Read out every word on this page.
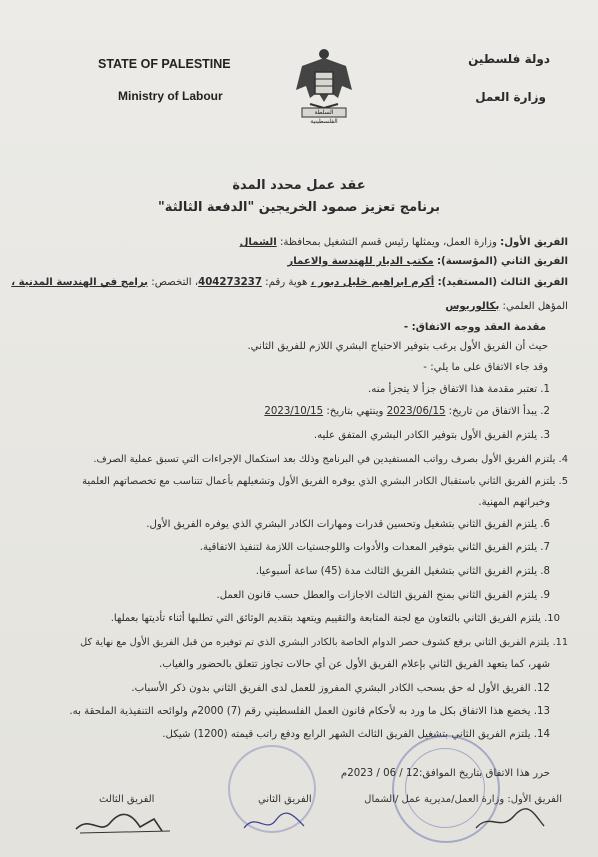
STATE OF PALESTINE
Ministry of Labour
دولة فلسطين
وزارة العمل
السلطة الفلسطينية
عقد عمل محدد المدة
برنامج تعزيز صمود الخريجين "الدفعة الثالثة"
الفريق الأول: وزارة العمل، ويمثلها رئيس قسم التشغيل بمحافظة: الشمال
الفريق الثاني (المؤسسة): مكتب الديار للهندسة والاعمار
الفريق الثالث (المستفيد): أكرم ابراهيم خليل دبور ، هوية رقم: 404273237، التخصص: برامج في الهندسة المدنية ،
المؤهل العلمي: بكالوريوس
مقدمة العقد ووجه الاتفاق: -
حيث أن الفريق الأول يرغب بتوفير الاحتياج البشري اللازم للفريق الثاني.
وقد جاء الاتفاق على ما يلي: -
1. تعتبر مقدمة هذا الاتفاق جزأ لا يتجزأ منه.
2. يبدأ الاتفاق من تاريخ: 2023/06/15 وينتهي بتاريخ: 2023/10/15
3. يلتزم الفريق الأول بتوفير الكادر البشري المتفق عليه.
4. يلتزم الفريق الأول بصرف رواتب المستفيدين في البرنامج وذلك بعد استكمال الإجراءات التي تسبق عملية الصرف.
5. يلتزم الفريق الثاني باستقبال الكادر البشري الذي يوفره الفريق الأول وتشغيلهم بأعمال تتناسب مع تخصصاتهم العلمية
وخبراتهم المهنية.
6. يلتزم الفريق الثاني بتشغيل وتحسين قدرات ومهارات الكادر البشري الذي يوفره الفريق الأول.
7. يلتزم الفريق الثاني بتوفير المعدات والأدوات واللوجستيات اللازمة لتنفيذ الاتفاقية.
8. يلتزم الفريق الثاني بتشغيل الفريق الثالث مدة (45) ساعة أسبوعيا.
9. يلتزم الفريق الثاني بمنح الفريق الثالث الاجازات والعطل حسب قانون العمل.
10. يلتزم الفريق الثاني بالتعاون مع لجنة المتابعة والتقييم ويتعهد بتقديم الوثائق التي تطلبها أثناء تأديتها بعملها.
11. يلتزم الفريق الثاني برفع كشوف حصر الدوام الخاصة بالكادر البشري الذي تم توفيره من قبل الفريق الأول مع نهاية كل
شهر، كما يتعهد الفريق الثاني بإعلام الفريق الأول عن أي حالات تجاوز تتعلق بالحضور والغياب.
12. الفريق الأول له حق بسحب الكادر البشري المفروز للعمل لدى الفريق الثاني بدون ذكر الأسباب.
13. يخضع هذا الاتفاق بكل ما ورد به لأحكام قانون العمل الفلسطيني رقم (7) 2000م ولوائحه التنفيذية الملحقة به.
14. يلتزم الفريق الثاني بتشغيل الفريق الثالث الشهر الرابع ودفع راتب قيمته (1200) شيكل.
حرر هذا الاتفاق بتاريخ الموافق:12 / 06 / 2023م
الفريق الأول: وزارة العمل/مديرية عمل /الشمال
الفريق الثاني
الفريق الثالث
